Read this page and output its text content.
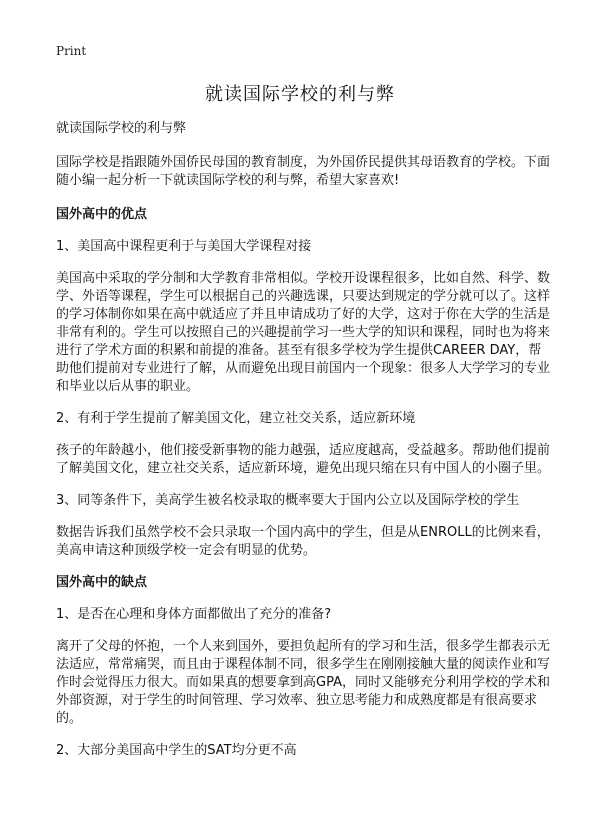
Print
就读国际学校的利与弊

就读国际学校的利与弊

国际学校是指跟随外国侨民母国的教育制度，为外国侨民提供其母语教育的学校。下面随小编一起分析一下就读国际学校的利与弊，希望大家喜欢!

国外高中的优点

1、美国高中课程更利于与美国大学课程对接

美国高中采取的学分制和大学教育非常相似。学校开设课程很多，比如自然、科学、数学、外语等课程，学生可以根据自己的兴趣选课，只要达到规定的学分就可以了。这样的学习体制你如果在高中就适应了并且申请成功了好的大学，这对于你在大学的生活是非常有利的。学生可以按照自己的兴趣提前学习一些大学的知识和课程，同时也为将来进行了学术方面的积累和前提的准备。甚至有很多学校为学生提供CAREER DAY，帮助他们提前对专业进行了解，从而避免出现目前国内一个现象：很多人大学学习的专业和毕业以后从事的职业。

2、有利于学生提前了解美国文化，建立社交关系，适应新环境

孩子的年龄越小，他们接受新事物的能力越强，适应度越高，受益越多。帮助他们提前了解美国文化，建立社交关系，适应新环境，避免出现只缩在只有中国人的小圈子里。

3、同等条件下，美高学生被名校录取的概率要大于国内公立以及国际学校的学生

数据告诉我们虽然学校不会只录取一个国内高中的学生，但是从ENROLL的比例来看，美高申请这种顶级学校一定会有明显的优势。

国外高中的缺点

1、是否在心理和身体方面都做出了充分的准备?

离开了父母的怀抱，一个人来到国外，要担负起所有的学习和生活，很多学生都表示无法适应，常常痛哭，而且由于课程体制不同，很多学生在刚刚接触大量的阅读作业和写作时会觉得压力很大。而如果真的想要拿到高GPA，同时又能够充分利用学校的学术和外部资源，对于学生的时间管理、学习效率、独立思考能力和成熟度都是有很高要求的。

2、大部分美国高中学生的SAT均分更不高
